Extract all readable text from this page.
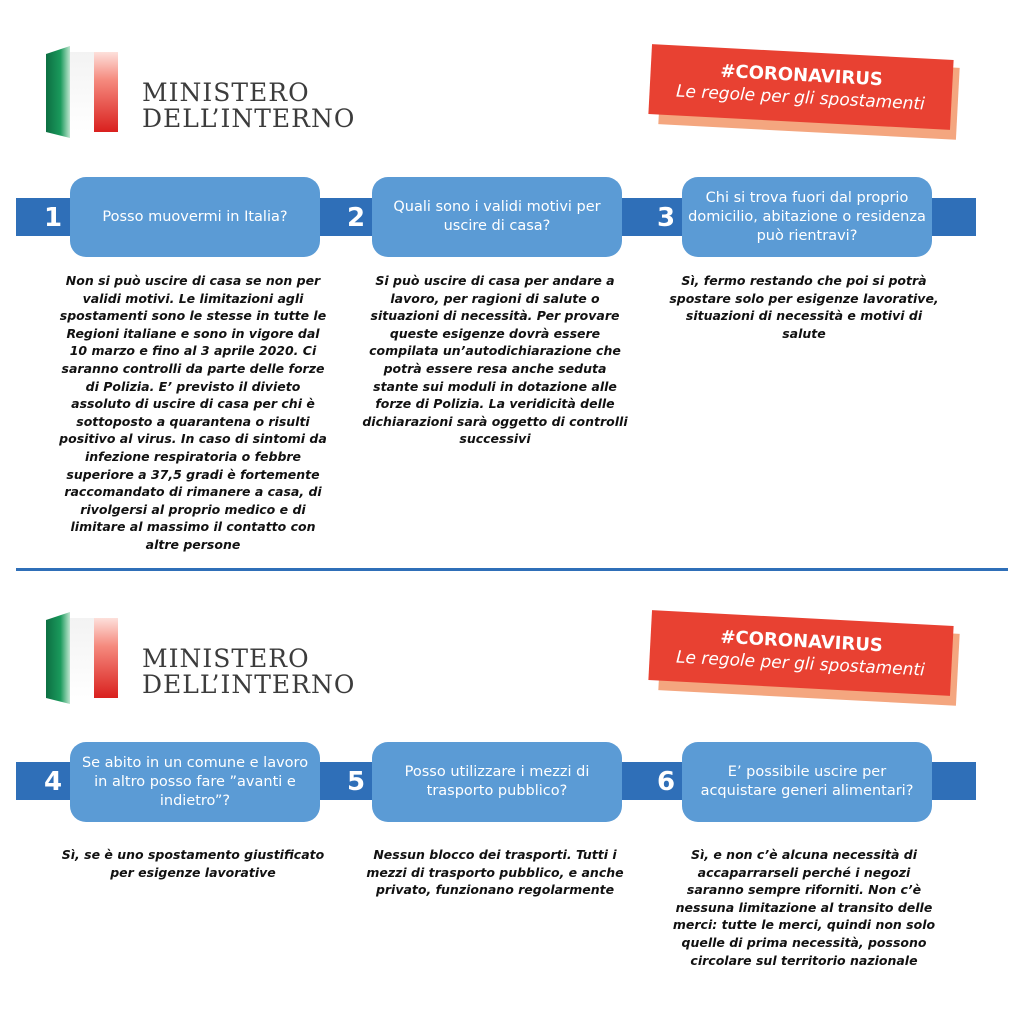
MINISTERO
DELL’INTERNO
#CORONAVIRUS
Le regole per gli spostamenti
1	Posso muovermi in Italia?
Non si può uscire di casa se non per validi motivi. Le limitazioni agli spostamenti sono le stesse in tutte le Regioni italiane e sono in vigore dal 10 marzo e fino al 3 aprile 2020. Ci saranno controlli da parte delle forze di Polizia. E’ previsto il divieto assoluto di uscire di casa per chi è sottoposto a quarantena o risulti positivo al virus. In caso di sintomi da infezione respiratoria o febbre superiore a 37,5 gradi è fortemente raccomandato di rimanere a casa, di rivolgersi al proprio medico e di limitare al massimo il contatto con altre persone
2	Quali sono i validi motivi per uscire di casa?
Si può uscire di casa per andare a lavoro, per ragioni di salute o situazioni di necessità. Per provare queste esigenze dovrà essere compilata un’autodichiarazione che potrà essere resa anche seduta stante sui moduli in dotazione alle forze di Polizia. La veridicità delle dichiarazioni sarà oggetto di controlli successivi
3
Chi si trova fuori dal proprio domicilio, abitazione o residenza può rientravi?
Sì, fermo restando che poi si potrà spostare solo per esigenze lavorative, situazioni di necessità e motivi di salute
MINISTERO
DELL’INTERNO
#CORONAVIRUS
Le regole per gli spostamenti
4
Se abito in un comune e lavoro in altro posso fare ”avanti e indietro”?
Sì, se è uno spostamento giustificato per esigenze lavorative
5	Posso utilizzare i mezzi di trasporto pubblico?
Nessun blocco dei trasporti. Tutti i mezzi di trasporto pubblico, e anche privato, funzionano regolarmente
6	E’ possibile uscire per acquistare generi alimentari?
Sì, e non c’è alcuna necessità di accaparrarseli perché i negozi saranno sempre riforniti. Non c’è nessuna limitazione al transito delle merci: tutte le merci, quindi non solo quelle di prima necessità, possono circolare sul territorio nazionale
